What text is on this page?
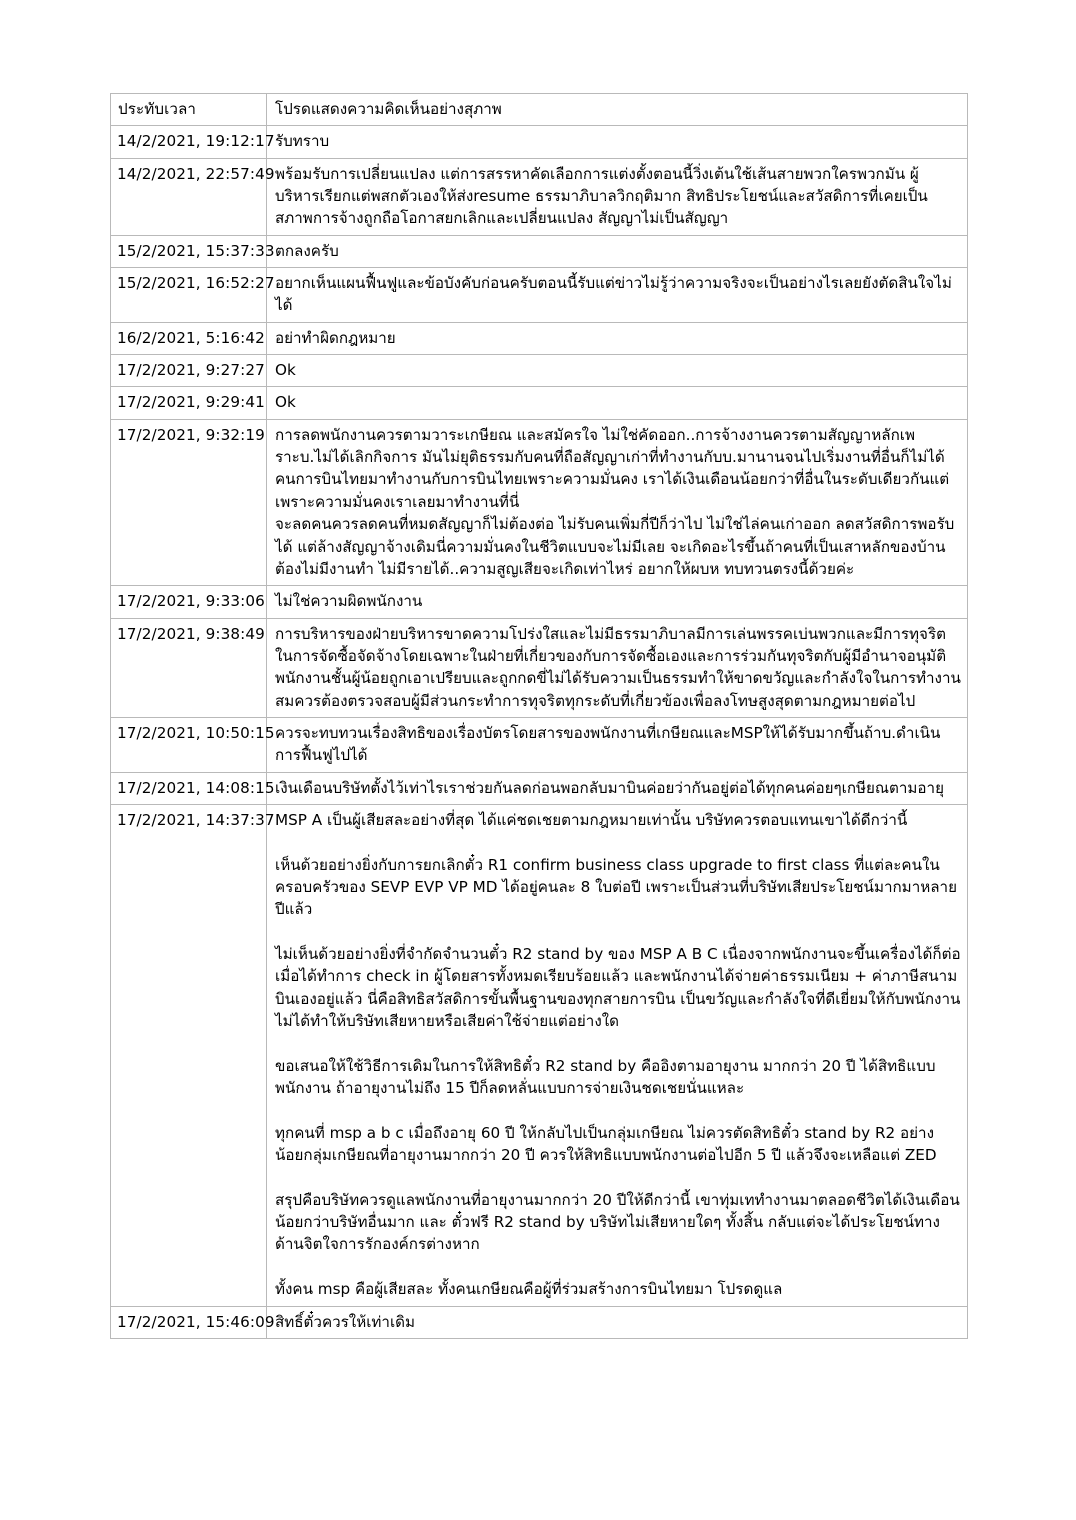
ประทับเวลา	โปรดแสดงความคิดเห็นอย่างสุภาพ
14/2/2021, 19:12:17	รับทราบ

14/2/2021, 22:57:49	พร้อมรับการเปลี่ยนแปลง แต่การสรรหาคัดเลือกการแต่งตั้งตอนนี้วิ่งเต้นใช้เส้นสายพวกใครพวกมัน ผู้บริหารเรียกแต่พสกตัวเองให้ส่งresume ธรรมาภิบาลวิกฤติมาก สิทธิประโยชน์และสวัสดิการที่เคยเป็นสภาพการจ้างถูกถือโอกาสยกเลิกและเปลี่ยนแปลง สัญญาไม่เป็นสัญญา

15/2/2021, 15:37:33	ตกลงครับ

15/2/2021, 16:52:27	อยากเห็นแผนฟื้นฟูและข้อบังคับก่อนครับตอนนี้รับแต่ข่าวไม่รู้ว่าความจริงจะเป็นอย่างไรเลยยังตัดสินใจไม่ได้

16/2/2021, 5:16:42	อย่าทำผิดกฎหมาย

17/2/2021, 9:27:27	Ok

17/2/2021, 9:29:41	Ok

17/2/2021, 9:32:19	การลดพนักงานควรตามวาระเกษียณ และสมัครใจ ไม่ใช่คัดออก..การจ้างงานควรตามสัญญาหลักเพราะบ.ไม่ได้เลิกกิจการ มันไม่ยุติธรรมกับคนที่ถือสัญญาเก่าที่ทำงานกับบ.มานานจนไปเริ่มงานที่อื่นก็ไม่ได้ คนการบินไทยมาทำงานกับการบินไทยเพราะความมั่นคง เราได้เงินเดือนน้อยกว่าที่อื่นในระดับเดียวกันแต่เพราะความมั่นคงเราเลยมาทำงานที่นี่
จะลดคนควรลดคนที่หมดสัญญาก็ไม่ต้องต่อ ไม่รับคนเพิ่มกี่ปีก็ว่าไป ไม่ใช่ไล่คนเก่าออก ลดสวัสดิการพอรับได้ แต่ล้างสัญญาจ้างเดิมนี่ความมั่นคงในชีวิตแบบจะไม่มีเลย จะเกิดอะไรขึ้นถ้าคนที่เป็นเสาหลักของบ้านต้องไม่มีงานทำ ไม่มีรายได้..ความสูญเสียจะเกิดเท่าไหร่ อยากให้ผบห ทบทวนตรงนี้ด้วยค่ะ

17/2/2021, 9:33:06	ไม่ใช่ความผิดพนักงาน

17/2/2021, 9:38:49	การบริหารของฝ่ายบริหารขาดความโปร่งใสและไม่มีธรรมาภิบาลมีการเล่นพรรคเบ่นพวกและมีการทุจริตในการจัดซื้อจัดจ้างโดยเฉพาะในฝ่ายที่เกี่ยวของกับการจัดซื้อเองและการร่วมกันทุจริตกับผู้มีอำนาจอนุมัติพนักงานชั้นผู้น้อยถูกเอาเปรียบและถูกกดขี่ไม่ได้รับความเป็นธรรมทำให้ขาดขวัญและกำลังใจในการทำงานสมควรต้องตรวจสอบผู้มีส่วนกระทำการทุจริตทุกระดับที่เกี่ยวข้องเพื่อลงโทษสูงสุดตามกฎหมายต่อไป

17/2/2021, 10:50:15	ควรจะทบทวนเรื่องสิทธิของเรื่องบัตรโดยสารของพนักงานที่เกษียณและMSPให้ได้รับมากขึ้นถ้าบ.ดำเนินการฟื้นฟูไปได้

17/2/2021, 14:08:15	เงินเดือนบริษัทตั้งไว้เท่าไรเราช่วยกันลดก่อนพอกลับมาบินค่อยว่ากันอยู่ต่อได้ทุกคนค่อยๆเกษียณตามอายุ

17/2/2021, 14:37:37	MSP A เป็นผู้เสียสละอย่างที่สุด ได้แค่ชดเชยตามกฎหมายเท่านั้น บริษัทควรตอบแทนเขาได้ดีกว่านี้
เห็นด้วยอย่างยิ่งกับการยกเลิกตั๋ว R1 confirm business class upgrade to first class ที่แต่ละคนในครอบครัวของ SEVP EVP VP MD ได้อยู่คนละ 8 ใบต่อปี เพราะเป็นส่วนที่บริษัทเสียประโยชน์มากมาหลายปีแล้ว
ไม่เห็นด้วยอย่างยิ่งที่จำกัดจำนวนตั๋ว R2 stand by ของ MSP A B C เนื่องจากพนักงานจะขึ้นเครื่องได้ก็ต่อเมื่อได้ทำการ check in ผู้โดยสารทั้งหมดเรียบร้อยแล้ว และพนักงานได้จ่ายค่าธรรมเนียม + ค่าภาษีสนามบินเองอยู่แล้ว นี่คือสิทธิสวัสดิการขั้นพื้นฐานของทุกสายการบิน เป็นขวัญและกำลังใจที่ดีเยี่ยมให้กับพนักงาน ไม่ได้ทำให้บริษัทเสียหายหรือเสียค่าใช้จ่ายแต่อย่างใด
ขอเสนอให้ใช้วิธีการเดิมในการให้สิทธิตั๋ว R2 stand by คืออิงตามอายุงาน มากกว่า 20 ปี ได้สิทธิแบบพนักงาน ถ้าอายุงานไม่ถึง 15 ปีก็ลดหลั่นแบบการจ่ายเงินชดเชยนั่นแหละ
ทุกคนที่ msp a b c เมื่อถึงอายุ 60 ปี ให้กลับไปเป็นกลุ่มเกษียณ ไม่ควรตัดสิทธิตั๋ว stand by R2 อย่างน้อยกลุ่มเกษียณที่อายุงานมากกว่า 20 ปี ควรให้สิทธิแบบพนักงานต่อไปอีก 5 ปี แล้วจึงจะเหลือแต่ ZED
สรุปคือบริษัทควรดูแลพนักงานที่อายุงานมากกว่า 20 ปีให้ดีกว่านี้ เขาทุ่มเททำงานมาตลอดชีวิตได้เงินเดือนน้อยกว่าบริษัทอื่นมาก และ ตั๋วฟรี R2 stand by บริษัทไม่เสียหายใดๆ ทั้งสิ้น กลับแต่จะได้ประโยชน์ทางด้านจิตใจการรักองค์กรต่างหาก
ทั้งคน msp คือผู้เสียสละ ทั้งคนเกษียณคือผู้ที่ร่วมสร้างการบินไทยมา โปรดดูแล

17/2/2021, 15:46:09	สิทธิ์ตั๋วควรให้เท่าเดิม
